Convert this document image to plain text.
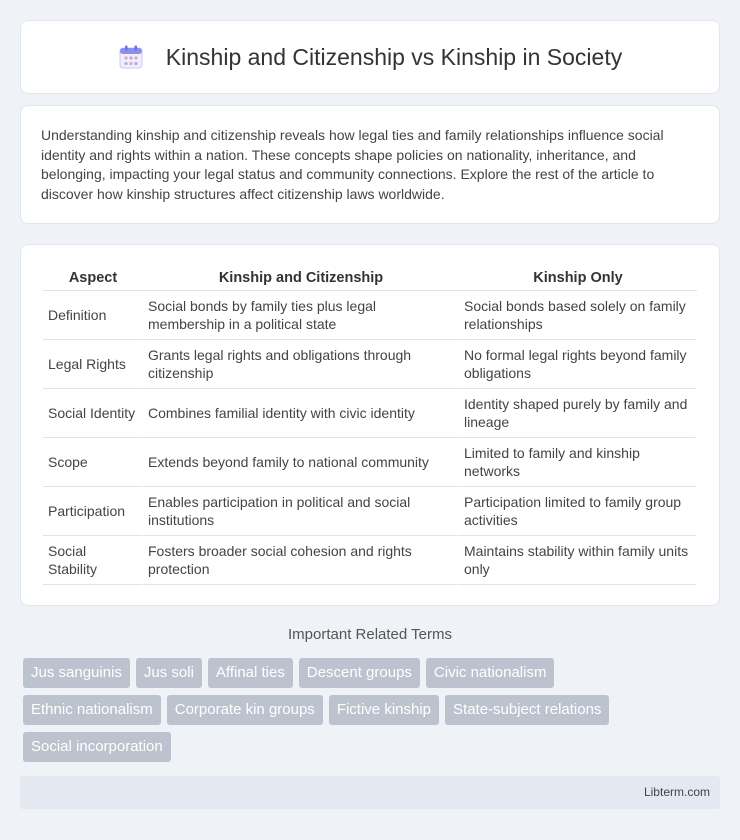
Kinship and Citizenship vs Kinship in Society

Understanding kinship and citizenship reveals how legal ties and family relationships influence social identity and rights within a nation. These concepts shape policies on nationality, inheritance, and belonging, impacting your legal status and community connections. Explore the rest of the article to discover how kinship structures affect citizenship laws worldwide.

Aspect	Kinship and Citizenship	Kinship Only
Definition	Social bonds by family ties plus legal membership in a political state	Social bonds based solely on family relationships
Legal Rights	Grants legal rights and obligations through citizenship	No formal legal rights beyond family obligations
Social Identity	Combines familial identity with civic identity	Identity shaped purely by family and lineage
Scope	Extends beyond family to national community	Limited to family and kinship networks
Participation	Enables participation in political and social institutions	Participation limited to family group activities
Social Stability	Fosters broader social cohesion and rights protection	Maintains stability within family units only
Important Related Terms
Jus sanguinis	Jus soli	Affinal ties	Descent groups	Civic nationalism
Ethnic nationalism	Corporate kin groups	Fictive kinship	State-subject relations
Social incorporation
Libterm.com
